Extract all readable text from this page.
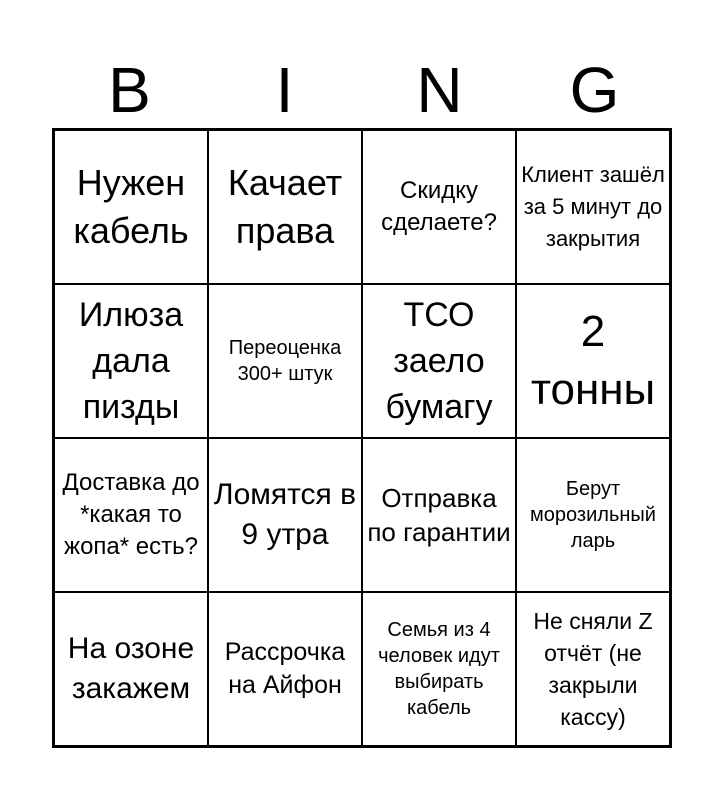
B	I	N	G
Нужен кабель
Качает права
Скидку сделаете?
Клиент зашёл за 5 минут до закрытия
Илюза дала пизды
Переоценка 300+ штук
ТСО заело бумагу
2 тонны
Доставка до *какая то жопа* есть?
Ломятся в 9 утра
Отправка по гарантии
Берут морозильный ларь
На озоне закажем
Рассрочка на Айфон
Семья из 4 человек идут выбирать кабель
Не сняли Z отчёт (не закрыли кассу)
